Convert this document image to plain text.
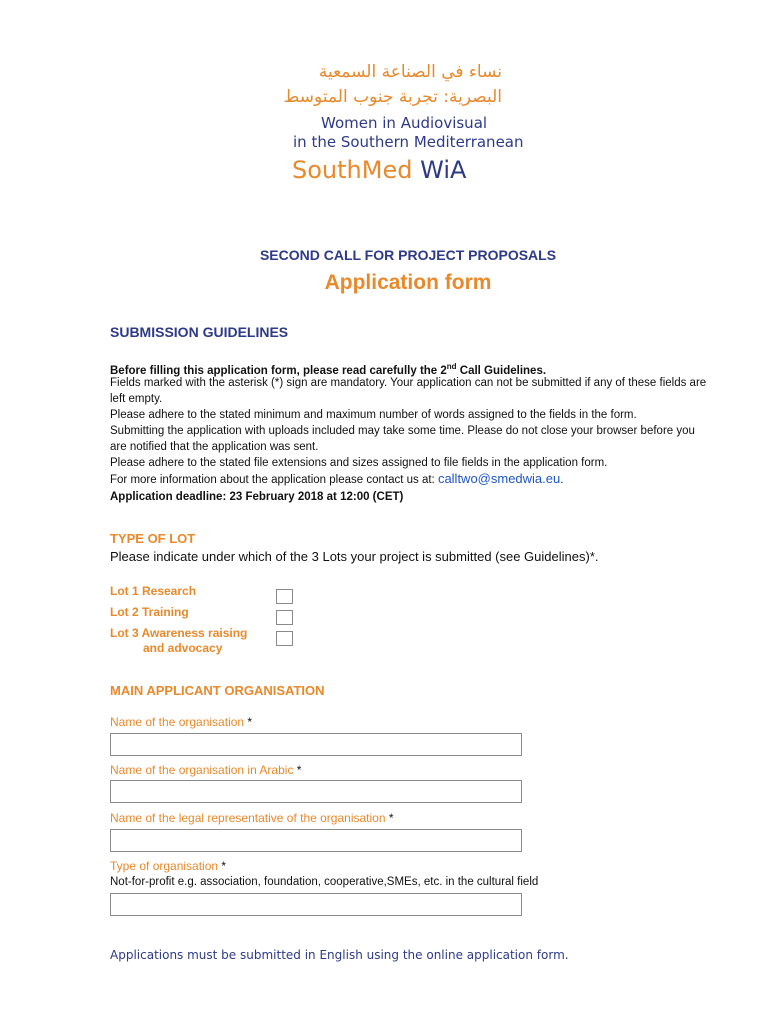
نساء في الصناعة السمعية
البصرية: تجربة جنوب المتوسط
Women in Audiovisual
in the Southern Mediterranean
SouthMed WiA
SECOND CALL FOR PROJECT PROPOSALS
Application form
SUBMISSION GUIDELINES
Before filling this application form, please read carefully the 2nd Call Guidelines.
Fields marked with the asterisk (*) sign are mandatory. Your application can not be submitted if any of these fields are left empty.
Please adhere to the stated minimum and maximum number of words assigned to the fields in the form.
Submitting the application with uploads included may take some time. Please do not close your browser before you are notified that the application was sent.
Please adhere to the stated file extensions and sizes assigned to file fields in the application form.
For more information about the application please contact us at: calltwo@smedwia.eu.
Application deadline: 23 February 2018 at 12:00 (CET)
TYPE OF LOT
Please indicate under which of the 3 Lots your project is submitted (see Guidelines)*.
Lot 1 Research
Lot 2 Training
Lot 3 Awareness raising
and advocacy
MAIN APPLICANT ORGANISATION
Name of the organisation *
Name of the organisation in Arabic *
Name of the legal representative of the organisation *
Type of organisation *
Not-for-profit e.g. association, foundation, cooperative,SMEs, etc. in the cultural field
Applications must be submitted in English using the online application form.
